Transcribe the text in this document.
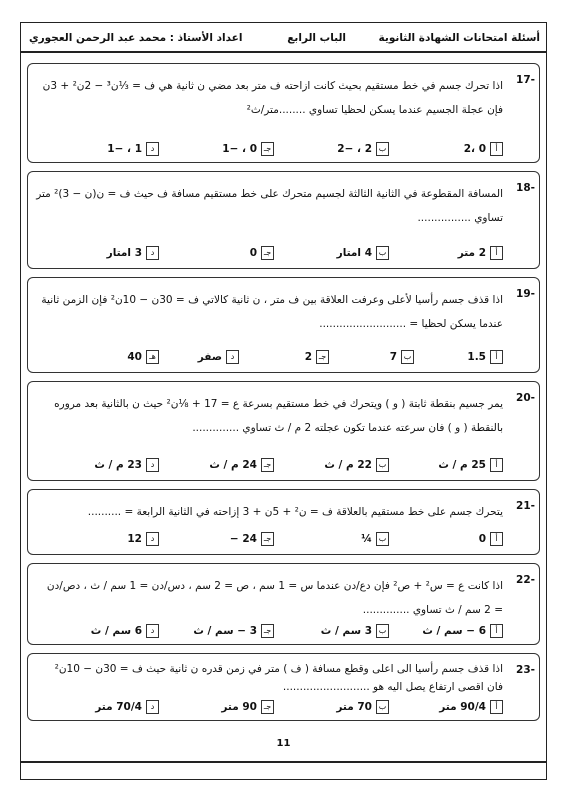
أسئلة امتحانات الشهادة الثانوية
الباب الرابع
اعداد الأستاذ : محمد عبد الرحمن العجوري
17-
اذا تحرك جسم في خط مستقيم بحيث كانت ازاحته ف متر بعد مضي ن ثانية هي ف = ⅓ن³ − 2ن² + 3ن فإن عجلة الجسيم عندما يسكن لحظيا تساوي ........متر/ث²
أ0 ،2
ب2 ، −2
جـ0 ، −1
د1 ، −1
18-
المسافة المقطوعة في الثانية الثالثة لجسيم متحرك على خط مستقيم مسافة ف حيث ف = ن(ن − 3)² متر تساوي ................
أ2 متر
ب4 امتار
جـ0
د3 امتار
19-
اذا قذف جسم رأسيا لأعلى وعرفت العلاقة بين ف متر ، ن ثانية كالاتي ف = 30ن − 10ن² فإن الزمن ثانية عندما يسكن لحظيا = ..........................
أ1.5
ب7
جـ2
دصفر
هـ40
20-
يمر جسيم بنقطة ثابتة ( و ) ويتحرك في خط مستقيم بسرعة ع = 17 + ⅛ن² حيث ن بالثانية بعد مروره بالنقطة ( و ) فان سرعته عندما تكون عجلته 2 م / ث تساوي ..............
أ25 م / ث
ب22 م / ث
جـ24 م / ث
د23 م / ث
21-
يتحرك جسم على خط مستقيم بالعلاقة ف = ن² + 5ن + 3 إزاحته في الثانية الرابعة = ..........
أ0
ب¼
جـ24 −
د12
22-
اذا كانت ع = س² + ص² فإن دع/دن عندما س = 1 سم ، ص = 2 سم ، دس/دن = 1 سم / ث ، دص/دن = 2 سم / ث تساوي ..............
أ6 − سم / ث
ب3 سم / ث
جـ3 − سم / ث
د6 سم / ث
23-
اذا قذف جسم رأسيا الى اعلى وقطع مسافة ( ف ) متر في زمن قدره ن ثانية حيث ف = 30ن − 10ن² فان اقصى ارتفاع يصل اليه هو ..........................
أ90/4 متر
ب70 متر
جـ90 متر
د70/4 متر
11
